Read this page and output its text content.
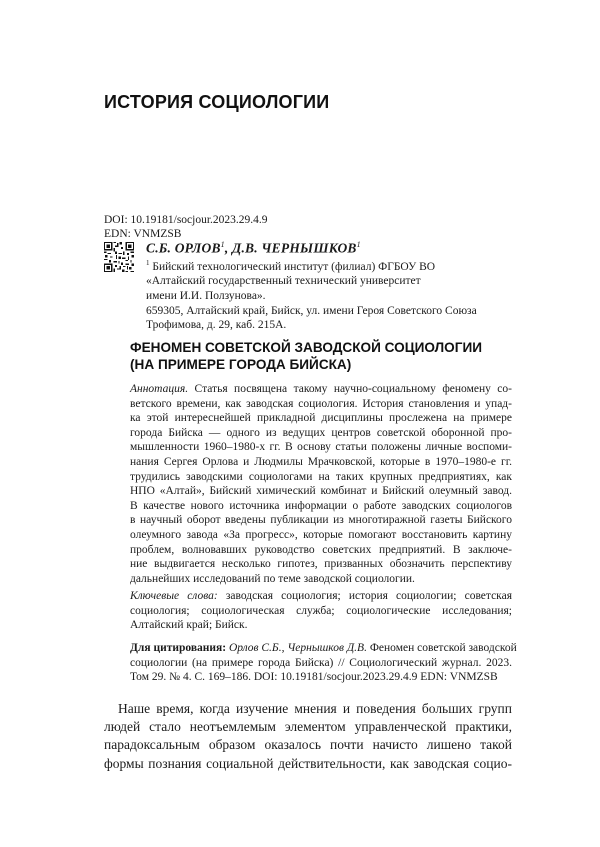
ИСТОРИЯ СОЦИОЛОГИИ
DOI: 10.19181/socjour.2023.29.4.9
EDN: VNMZSB
С.Б. ОРЛОВ$^1$, Д.В. ЧЕРНЫШКОВ$^1$
$^1$ Бийский технологический институт (филиал) ФГБОУ ВО
«Алтайский государственный технический университет
имени И.И. Ползунова».
659305, Алтайский край, Бийск, ул. имени Героя Советского Союза
Трофимова, д. 29, каб. 215А.
ФЕНОМЕН СОВЕТСКОЙ ЗАВОДСКОЙ СОЦИОЛОГИИ
(НА ПРИМЕРЕ ГОРОДА БИЙСКА)
Аннотация. Статья посвящена такому научно-социальному феномену со-
ветского времени, как заводская социология. История становления и упад-
ка этой интереснейшей прикладной дисциплины прослежена на примере
города Бийска — одного из ведущих центров советской оборонной про-
мышленности 1960–1980-х гг. В основу статьи положены личные воспоми-
нания Сергея Орлова и Людмилы Мрачковской, которые в 1970–1980-е гг.
трудились заводскими социологами на таких крупных предприятиях, как
НПО «Алтай», Бийский химический комбинат и Бийский олеумный завод.
В качестве нового источника информации о работе заводских социологов
в научный оборот введены публикации из многотиражной газеты Бийского
олеумного завода «За прогресс», которые помогают восстановить картину
проблем, волновавших руководство советских предприятий. В заключе-
ние выдвигается несколько гипотез, призванных обозначить перспективу
дальнейших исследований по теме заводской социологии.
Ключевые слова: заводская социология; история социологии; советская
социология; социологическая служба; социологические исследования;
Алтайский край; Бийск.
Для цитирования: Орлов С.Б., Чернышков Д.В. Феномен советской заводской
социологии (на примере города Бийска) // Социологический журнал. 2023.
Том 29. № 4. С. 169–186. DOI: 10.19181/socjour.2023.29.4.9 EDN: VNMZSB
Наше время, когда изучение мнения и поведения больших групп
людей стало неотъемлемым элементом управленческой практики,
парадоксальным образом оказалось почти начисто лишено такой
формы познания социальной действительности, как заводская социо-
